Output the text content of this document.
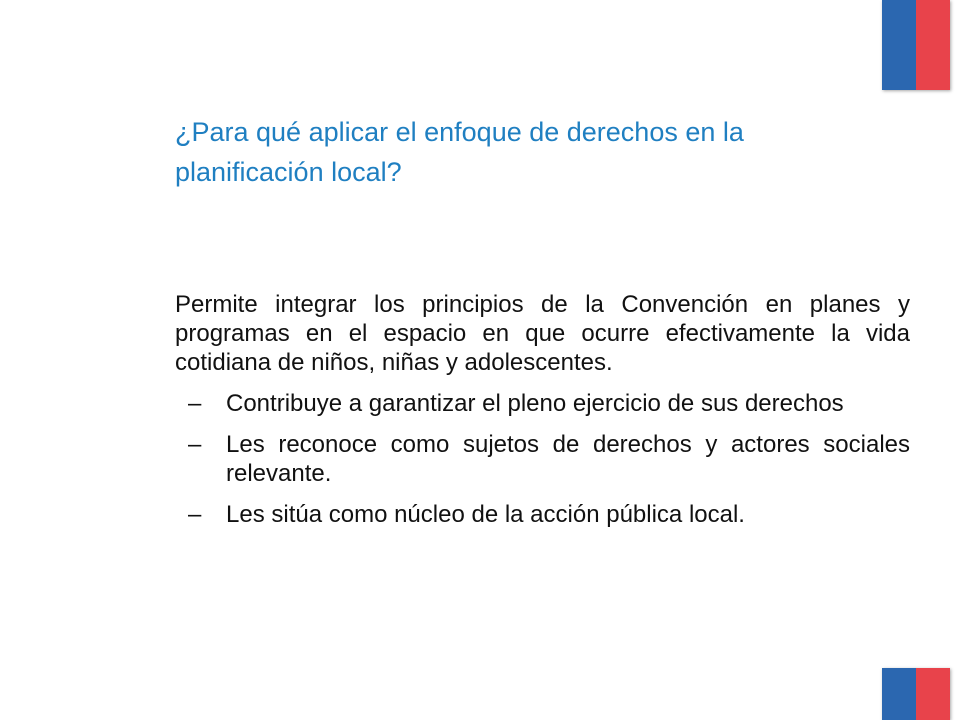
¿Para qué aplicar el enfoque de derechos en la planificación local?

Permite integrar los principios de la Convención en planes y programas en el espacio en que ocurre efectivamente la vida cotidiana de niños, niñas y adolescentes.

–	Contribuye a garantizar el pleno ejercicio de sus derechos
–	Les reconoce como sujetos de derechos y actores sociales relevante.
–	Les sitúa como núcleo de la acción pública local.
